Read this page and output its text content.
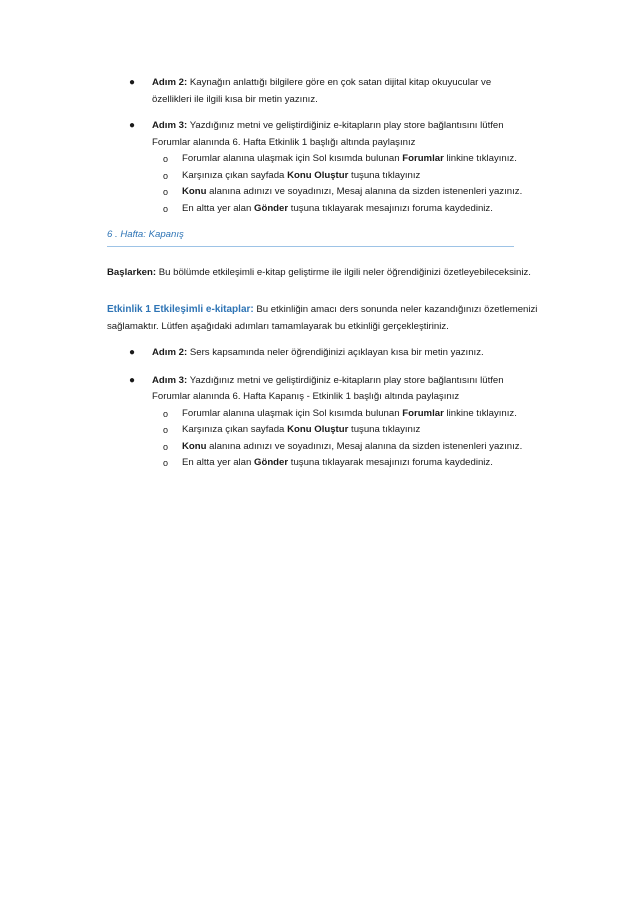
● Adım 2: Kaynağın anlattığı bilgilere göre en çok satan dijital kitap okuyucular ve özellikleri ile ilgili kısa bir metin yazınız.
● Adım 3: Yazdığınız metni ve geliştirdiğiniz e-kitapların play store bağlantısını lütfen Forumlar alanında 6. Hafta Etkinlik 1 başlığı altında paylaşınız
o Forumlar alanına ulaşmak için Sol kısımda bulunan Forumlar linkine tıklayınız.
o Karşınıza çıkan sayfada Konu Oluştur tuşuna tıklayınız
o Konu alanına adınızı ve soyadınızı, Mesaj alanına da sizden istenenleri yazınız.
o En altta yer alan Gönder tuşuna tıklayarak mesajınızı foruma kaydediniz.
6 . Hafta: Kapanış
Başlarken: Bu bölümde etkileşimli e-kitap geliştirme ile ilgili neler öğrendiğinizi özetleyebileceksiniz.
Etkinlik 1 Etkileşimli e-kitaplar: Bu etkinliğin amacı ders sonunda neler kazandığınızı özetlemenizi sağlamaktır. Lütfen aşağıdaki adımları tamamlayarak bu etkinliği gerçekleştiriniz.
● Adım 2: Sers kapsamında neler öğrendiğinizi açıklayan kısa bir metin yazınız.
● Adım 3: Yazdığınız metni ve geliştirdiğiniz e-kitapların play store bağlantısını lütfen Forumlar alanında 6. Hafta Kapanış - Etkinlik 1 başlığı altında paylaşınız
o Forumlar alanına ulaşmak için Sol kısımda bulunan Forumlar linkine tıklayınız.
o Karşınıza çıkan sayfada Konu Oluştur tuşuna tıklayınız
o Konu alanına adınızı ve soyadınızı, Mesaj alanına da sizden istenenleri yazınız.
o En altta yer alan Gönder tuşuna tıklayarak mesajınızı foruma kaydediniz.
